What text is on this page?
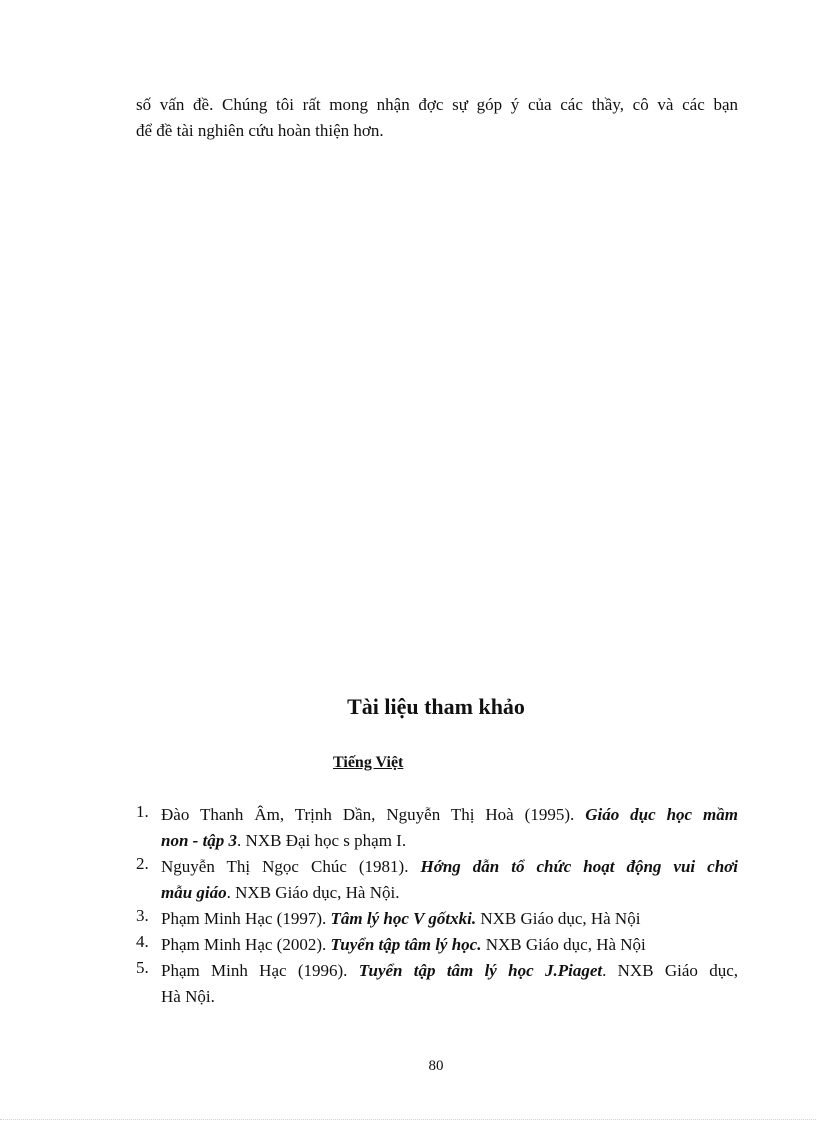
số vấn đề. Chúng tôi rất mong nhận đợc sự góp ý của các thầy, cô và các bạn
để đề tài nghiên cứu hoàn thiện hơn.
Tài liệu tham khảo
Tiếng Việt
1. Đào Thanh Âm, Trịnh Dần, Nguyễn Thị Hoà (1995). Giáo dục học mầm
non - tập 3. NXB Đại học s phạm I.
2. Nguyễn Thị Ngọc Chúc (1981). Hớng dẫn tổ chức hoạt động vui chơi
mẫu giáo. NXB Giáo dục, Hà Nội.
3. Phạm Minh Hạc (1997). Tâm lý học V gốtxki. NXB Giáo dục, Hà Nội
4. Phạm Minh Hạc (2002). Tuyển tập tâm lý học. NXB Giáo dục, Hà Nội
5. Phạm Minh Hạc (1996). Tuyển tập tâm lý học J.Piaget. NXB Giáo dục,
Hà Nội.
80
